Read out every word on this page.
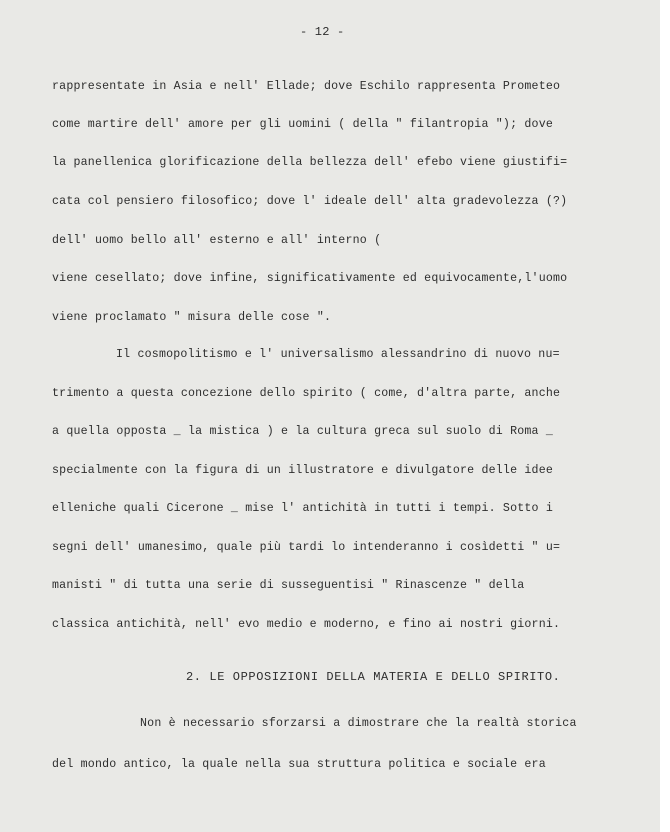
- 12 -
rappresentate in Asia e nell' Ellade; dove Eschilo rappresenta Prometeo
come martire dell' amore per gli uomini ( della " filantropia "); dove
la panellenica glorificazione della bellezza dell' efebo viene giustifi=
cata col pensiero filosofico; dove l' ideale dell' alta gradevolezza (?)
dell' uomo bello all' esterno e all' interno (
viene cesellato; dove infine, significativamente ed equivocamente,l'uomo
viene proclamato " misura delle cose ".
Il cosmopolitismo e l' universalismo alessandrino di nuovo nu=
trimento a questa concezione dello spirito ( come, d'altra parte, anche
a quella opposta _ la mistica ) e la cultura greca sul suolo di Roma _
specialmente con la figura di un illustratore e divulgatore delle idee
elleniche quali Cicerone _ mise l' antichità in tutti i tempi. Sotto i
segni dell' umanesimo, quale più tardi lo intenderanno i cosìdetti " u=
manisti " di tutta una serie di susseguentisi " Rinascenze " della
classica antichità, nell' evo medio e moderno, e fino ai nostri giorni.
2. LE OPPOSIZIONI DELLA MATERIA E DELLO SPIRITO.
Non è necessario sforzarsi a dimostrare che la realtà storica
del mondo antico, la quale nella sua struttura politica e sociale era
